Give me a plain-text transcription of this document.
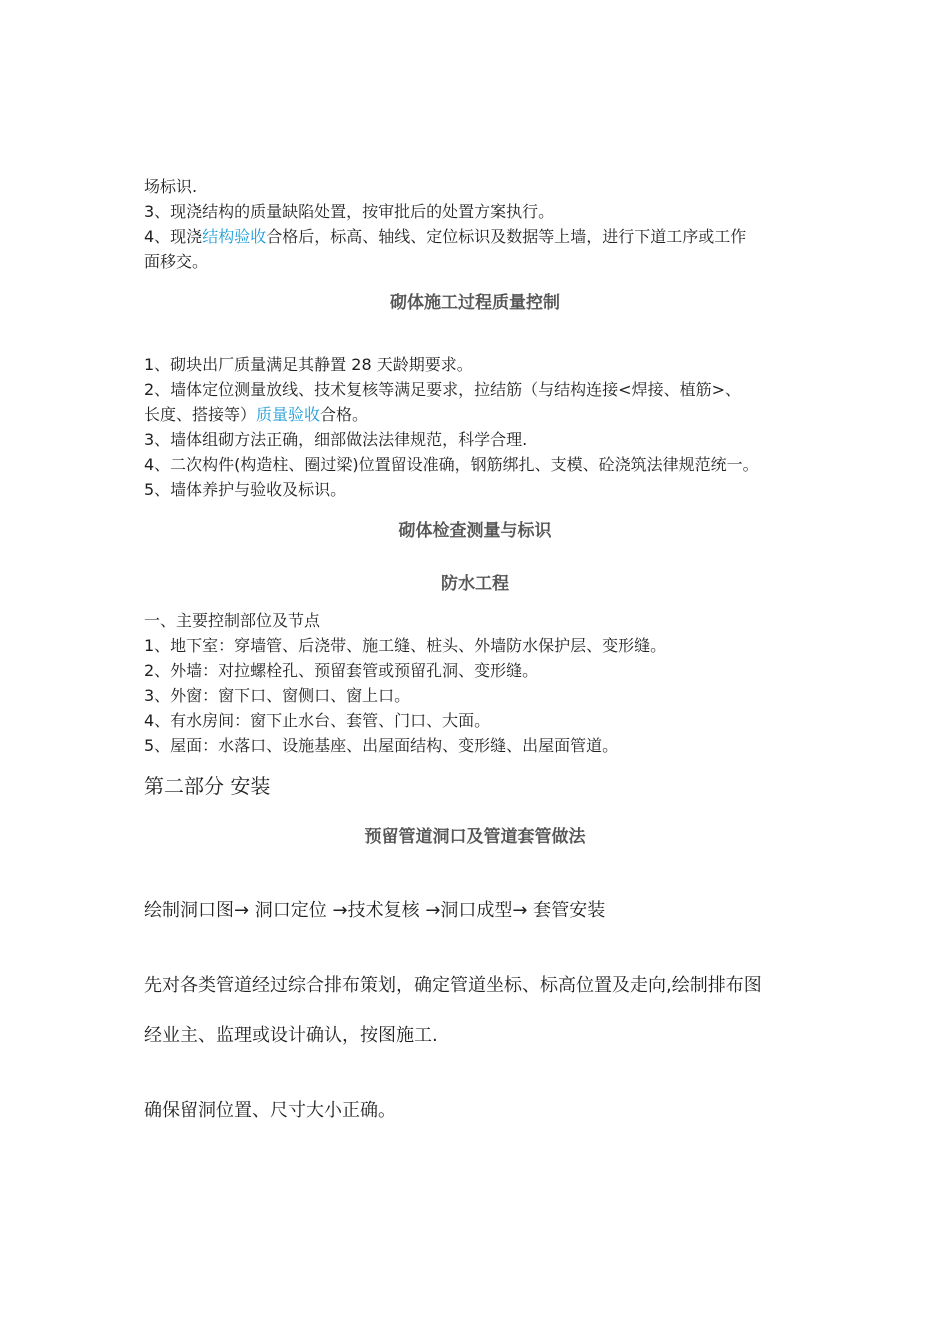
场标识.
3、现浇结构的质量缺陷处置，按审批后的处置方案执行。
4、现浇结构验收合格后，标高、轴线、定位标识及数据等上墙，进行下道工序或工作
面移交。
砌体施工过程质量控制
1、砌块出厂质量满足其静置 28 天龄期要求。
2、墙体定位测量放线、技术复核等满足要求，拉结筋（与结构连接<焊接、植筋>、
长度、搭接等）质量验收合格。
3、墙体组砌方法正确，细部做法法律规范，科学合理.
4、二次构件(构造柱、圈过梁)位置留设准确，钢筋绑扎、支模、砼浇筑法律规范统一。
5、墙体养护与验收及标识。
砌体检查测量与标识
防水工程
一、主要控制部位及节点
1、地下室：穿墙管、后浇带、施工缝、桩头、外墙防水保护层、变形缝。
2、外墙：对拉螺栓孔、预留套管或预留孔洞、变形缝。
3、外窗：窗下口、窗侧口、窗上口。
4、有水房间：窗下止水台、套管、门口、大面。
5、屋面：水落口、设施基座、出屋面结构、变形缝、出屋面管道。
第二部分 安装
预留管道洞口及管道套管做法
绘制洞口图→ 洞口定位 →技术复核 →洞口成型→ 套管安装
先对各类管道经过综合排布策划，确定管道坐标、标高位置及走向,绘制排布图
经业主、监理或设计确认，按图施工.
确保留洞位置、尺寸大小正确。
